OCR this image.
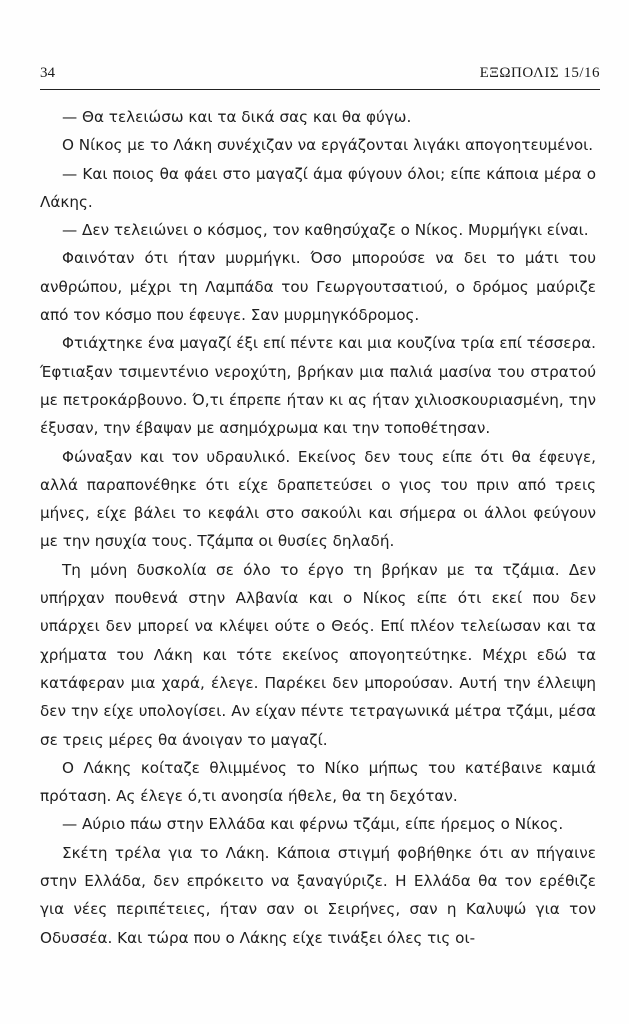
34	ΕΞΩΠΟΛΙΣ 15/16

— Θα τελειώσω και τα δικά σας και θα φύγω.

Ο Νίκος με το Λάκη συνέχιζαν να εργάζονται λιγάκι απογοητευμένοι.

— Και ποιος θα φάει στο μαγαζί άμα φύγουν όλοι; είπε κάποια μέρα ο Λάκης.

— Δεν τελειώνει ο κόσμος, τον καθησύχαζε ο Νίκος. Μυρμήγκι είναι.

Φαινόταν ότι ήταν μυρμήγκι. Όσο μπορούσε να δει το μάτι του ανθρώπου, μέχρι τη Λαμπάδα του Γεωργουτσατιού, ο δρόμος μαύριζε από τον κόσμο που έφευγε. Σαν μυρμηγκόδρομος.

Φτιάχτηκε ένα μαγαζί έξι επί πέντε και μια κουζίνα τρία επί τέσσερα. Έφτιαξαν τσιμεντένιο νεροχύτη, βρήκαν μια παλιά μασίνα του στρατού με πετροκάρβουνο. Ό,τι έπρεπε ήταν κι ας ήταν χιλιοσκουριασμένη, την έξυσαν, την έβαψαν με ασημόχρωμα και την τοποθέτησαν.

Φώναξαν και τον υδραυλικό. Εκείνος δεν τους είπε ότι θα έφευγε, αλλά παραπονέθηκε ότι είχε δραπετεύσει ο γιος του πριν από τρεις μήνες, είχε βάλει το κεφάλι στο σακούλι και σήμερα οι άλλοι φεύγουν με την ησυχία τους. Τζάμπα οι θυσίες δηλαδή.

Τη μόνη δυσκολία σε όλο το έργο τη βρήκαν με τα τζάμια. Δεν υπήρχαν πουθενά στην Αλβανία και ο Νίκος είπε ότι εκεί που δεν υπάρχει δεν μπορεί να κλέψει ούτε ο Θεός. Επί πλέον τελείωσαν και τα χρήματα του Λάκη και τότε εκείνος απογοητεύτηκε. Μέχρι εδώ τα κατάφεραν μια χαρά, έλεγε. Παρέκει δεν μπορούσαν. Αυτή την έλλειψη δεν την είχε υπολογίσει. Αν είχαν πέντε τετραγωνικά μέτρα τζάμι, μέσα σε τρεις μέρες θα άνοιγαν το μαγαζί.

Ο Λάκης κοίταζε θλιμμένος το Νίκο μήπως του κατέβαινε καμιά πρόταση. Ας έλεγε ό,τι ανοησία ήθελε, θα τη δεχόταν.

— Αύριο πάω στην Ελλάδα και φέρνω τζάμι, είπε ήρεμος ο Νίκος.

Σκέτη τρέλα για το Λάκη. Κάποια στιγμή φοβήθηκε ότι αν πήγαινε στην Ελλάδα, δεν επρόκειτο να ξαναγύριζε. Η Ελλάδα θα τον ερέθιζε για νέες περιπέτειες, ήταν σαν οι Σειρήνες, σαν η Καλυψώ για τον Οδυσσέα. Και τώρα που ο Λάκης είχε τινάξει όλες τις οι-
